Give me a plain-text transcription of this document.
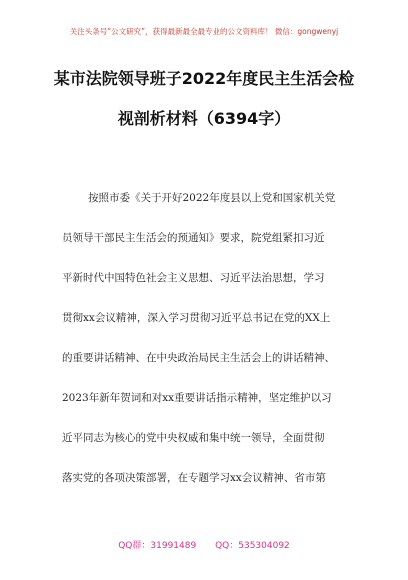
关注头条号“公文研究”，获得最新最全最专业的公文资料库！ 微信：gongwenyj
某市法院领导班子2022年度民主生活会检
视剖析材料（6394字）
按照市委《关于开好2022年度县以上党和国家机关党
员领导干部民主生活会的预通知》要求，院党组紧扣习近
平新时代中国特色社会主义思想、习近平法治思想，学习
贯彻xx会议精神，深入学习贯彻习近平总书记在党的XX上
的重要讲话精神、在中央政治局民主生活会上的讲话精神、
2023年新年贺词和对xx重要讲话指示精神，坚定维护以习
近平同志为核心的党中央权威和集中统一领导，全面贯彻
落实党的各项决策部署，在专题学习xx会议精神、省市第
QQ群：31991489 QQ：535304092
